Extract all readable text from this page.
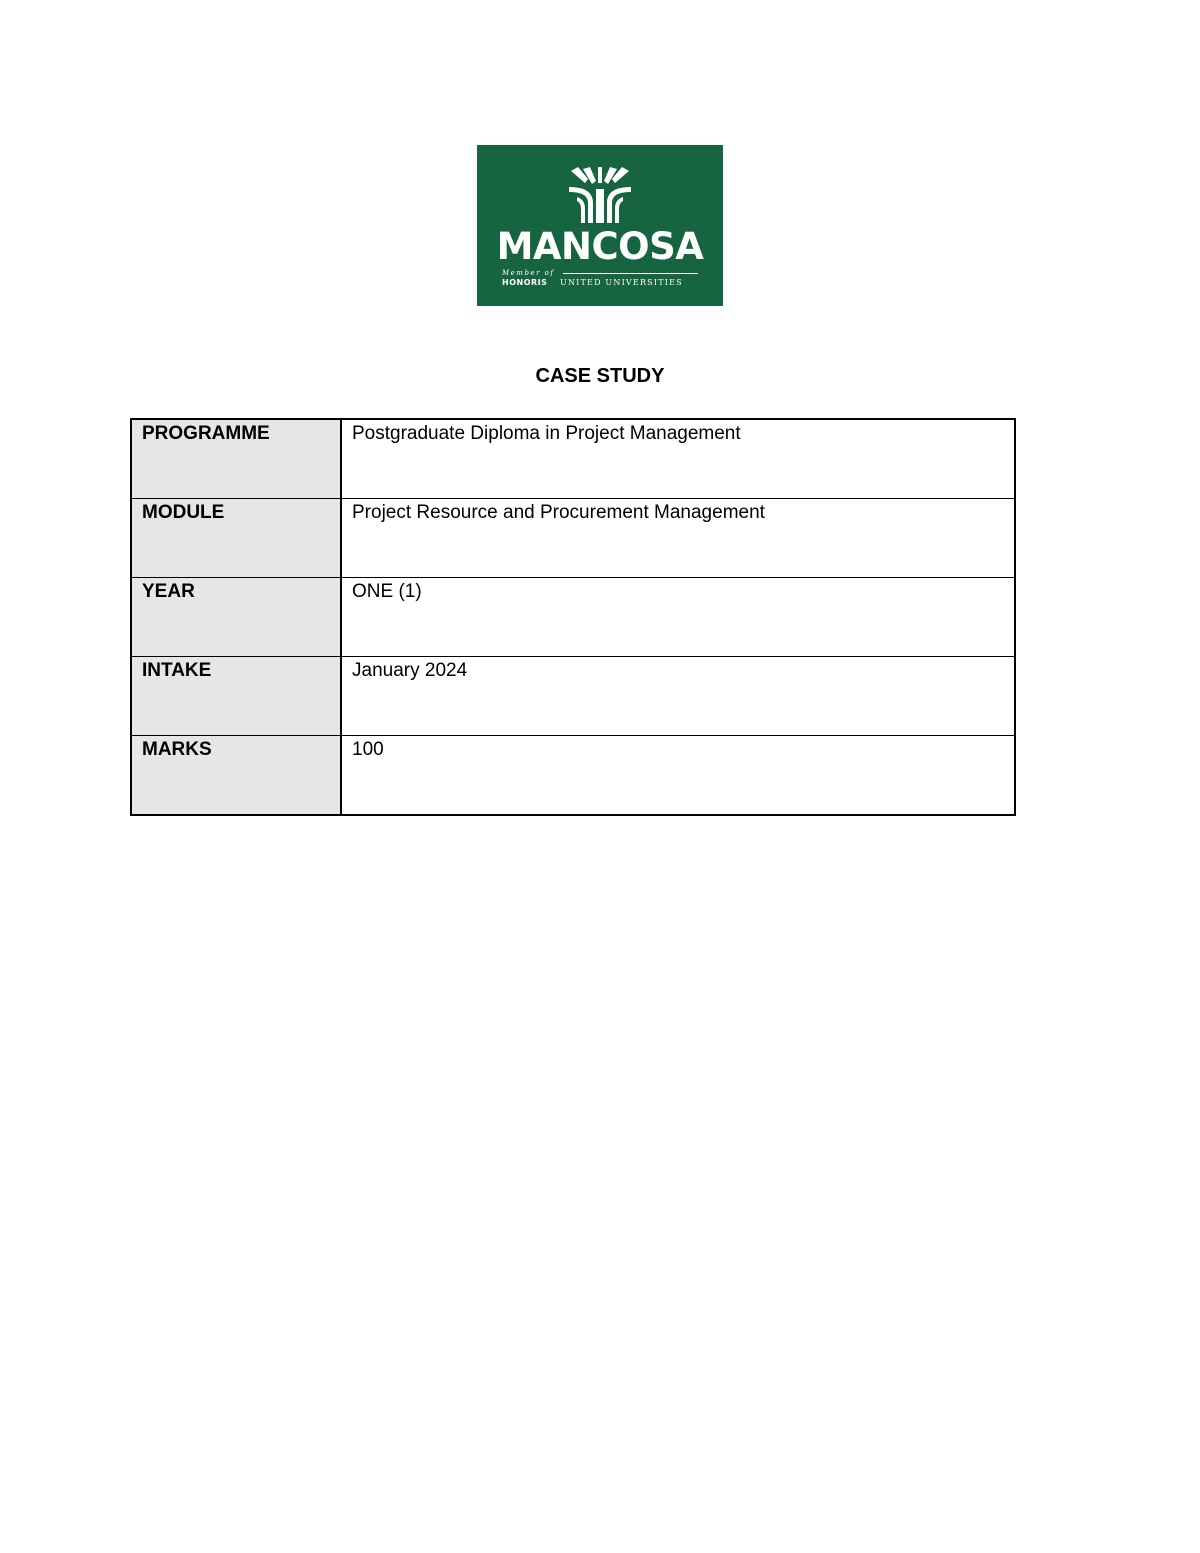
MANCOSA
Member of
HONORIS UNITED UNIVERSITIES
CASE STUDY
PROGRAMME	Postgraduate Diploma in Project Management
MODULE	Project Resource and Procurement Management
YEAR	ONE (1)
INTAKE	January 2024
MARKS	100
